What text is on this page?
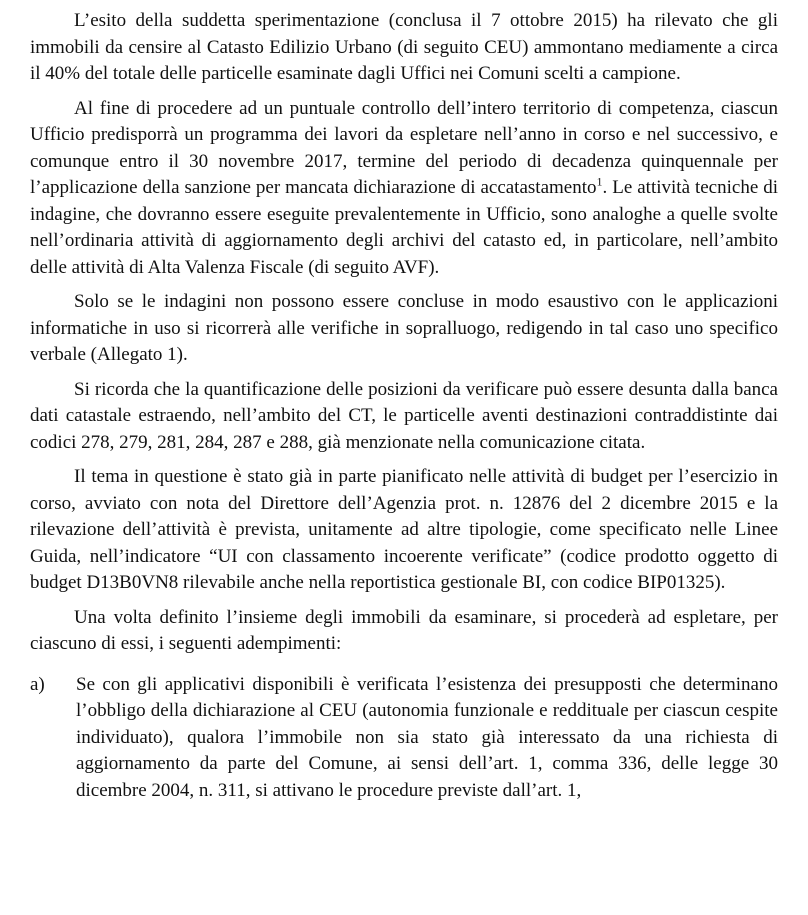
L’esito della suddetta sperimentazione (conclusa il 7 ottobre 2015) ha rilevato che gli immobili da censire al Catasto Edilizio Urbano (di seguito CEU) ammontano mediamente a circa il 40% del totale delle particelle esaminate dagli Uffici nei Comuni scelti a campione.

Al fine di procedere ad un puntuale controllo dell’intero territorio di competenza, ciascun Ufficio predisporrà un programma dei lavori da espletare nell’anno in corso e nel successivo, e comunque entro il 30 novembre 2017, termine del periodo di decadenza quinquennale per l’applicazione della sanzione per mancata dichiarazione di accatastamento$^1$. Le attività tecniche di indagine, che dovranno essere eseguite prevalentemente in Ufficio, sono analoghe a quelle svolte nell’ordinaria attività di aggiornamento degli archivi del catasto ed, in particolare, nell’ambito delle attività di Alta Valenza Fiscale (di seguito AVF).

Solo se le indagini non possono essere concluse in modo esaustivo con le applicazioni informatiche in uso si ricorrerà alle verifiche in sopralluogo, redigendo in tal caso uno specifico verbale (Allegato 1).

Si ricorda che la quantificazione delle posizioni da verificare può essere desunta dalla banca dati catastale estraendo, nell’ambito del CT, le particelle aventi destinazioni contraddistinte dai codici 278, 279, 281, 284, 287 e 288, già menzionate nella comunicazione citata.

Il tema in questione è stato già in parte pianificato nelle attività di budget per l’esercizio in corso, avviato con nota del Direttore dell’Agenzia prot. n. 12876 del 2 dicembre 2015 e la rilevazione dell’attività è prevista, unitamente ad altre tipologie, come specificato nelle Linee Guida, nell’indicatore “UI con classamento incoerente verificate” (codice prodotto oggetto di budget D13B0VN8 rilevabile anche nella reportistica gestionale BI, con codice BIP01325).

Una volta definito l’insieme degli immobili da esaminare, si procederà ad espletare, per ciascuno di essi, i seguenti adempimenti:

a) Se con gli applicativi disponibili è verificata l’esistenza dei presupposti che determinano l’obbligo della dichiarazione al CEU (autonomia funzionale e reddituale per ciascun cespite individuato), qualora l’immobile non sia stato già interessato da una richiesta di aggiornamento da parte del Comune, ai sensi dell’art. 1, comma 336, delle legge 30 dicembre 2004, n. 311, si attivano le procedure previste dall’art. 1,
